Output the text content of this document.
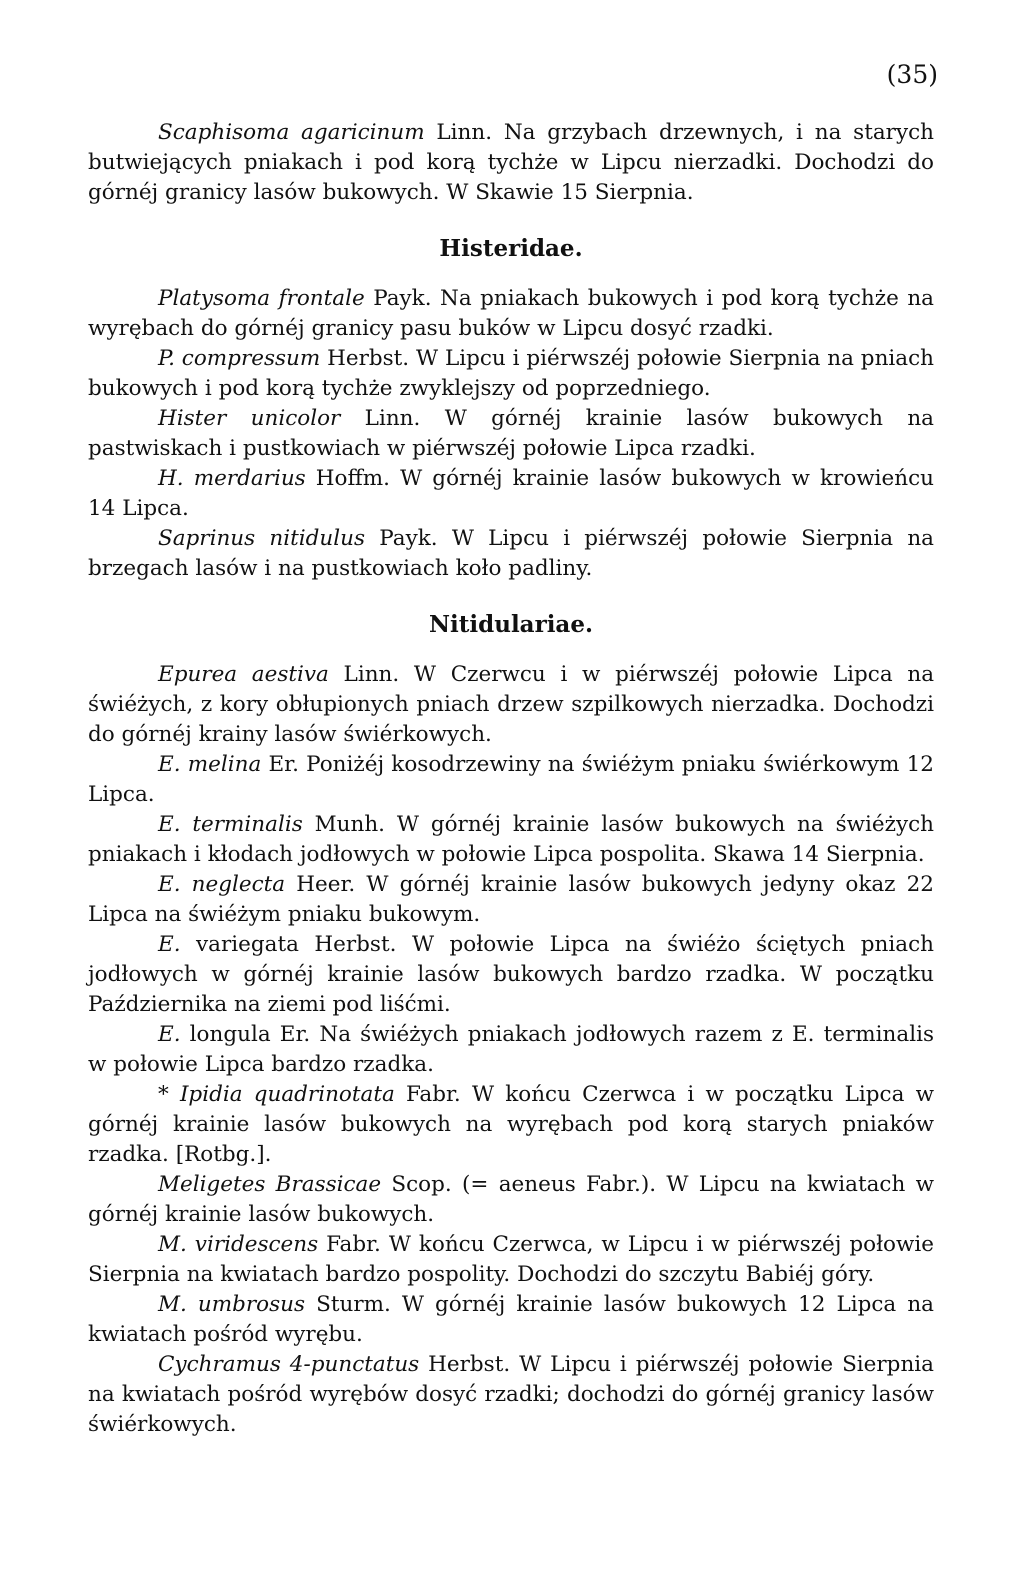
(35)

Scaphisoma agaricinum Linn. Na grzybach drzewnych, i na starych butwiejących pniakach i pod korą tychże w Lipcu nierzadki. Dochodzi do górnéj granicy lasów bukowych. W Skawie 15 Sierpnia.

Histeridae.

Platysoma frontale Payk. Na pniakach bukowych i pod korą tychże na wyrębach do górnéj granicy pasu buków w Lipcu dosyć rzadki.

P. compressum Herbst. W Lipcu i piérwszéj połowie Sierpnia na pniach bukowych i pod korą tychże zwyklejszy od poprzedniego.

Hister unicolor Linn. W górnéj krainie lasów bukowych na pastwiskach i pustkowiach w piérwszéj połowie Lipca rzadki.

H. merdarius Hoffm. W górnéj krainie lasów bukowych w krowieńcu 14 Lipca.

Saprinus nitidulus Payk. W Lipcu i piérwszéj połowie Sierpnia na brzegach lasów i na pustkowiach koło padliny.

Nitidulariae.

Epurea aestiva Linn. W Czerwcu i w piérwszéj połowie Lipca na świéżych, z kory obłupionych pniach drzew szpilkowych nierzadka. Dochodzi do górnéj krainy lasów świérkowych.

E. melina Er. Poniżéj kosodrzewiny na świéżym pniaku świérkowym 12 Lipca.

E. terminalis Munh. W górnéj krainie lasów bukowych na świéżych pniakach i kłodach jodłowych w połowie Lipca pospolita. Skawa 14 Sierpnia.

E. neglecta Heer. W górnéj krainie lasów bukowych jedyny okaz 22 Lipca na świéżym pniaku bukowym.

E. variegata Herbst. W połowie Lipca na świéżo ściętych pniach jodłowych w górnéj krainie lasów bukowych bardzo rzadka. W początku Października na ziemi pod liśćmi.

E. longula Er. Na świéżych pniakach jodłowych razem z E. terminalis w połowie Lipca bardzo rzadka.

* Ipidia quadrinotata Fabr. W końcu Czerwca i w początku Lipca w górnéj krainie lasów bukowych na wyrębach pod korą starych pniaków rzadka. [Rotbg.].

Meligetes Brassicae Scop. (= aeneus Fabr.). W Lipcu na kwiatach w górnéj krainie lasów bukowych.

M. viridescens Fabr. W końcu Czerwca, w Lipcu i w piérwszéj połowie Sierpnia na kwiatach bardzo pospolity. Dochodzi do szczytu Babiéj góry.

M. umbrosus Sturm. W górnéj krainie lasów bukowych 12 Lipca na kwiatach pośród wyrębu.

Cychramus 4-punctatus Herbst. W Lipcu i piérwszéj połowie Sierpnia na kwiatach pośród wyrębów dosyć rzadki; dochodzi do górnéj granicy lasów świérkowych.
